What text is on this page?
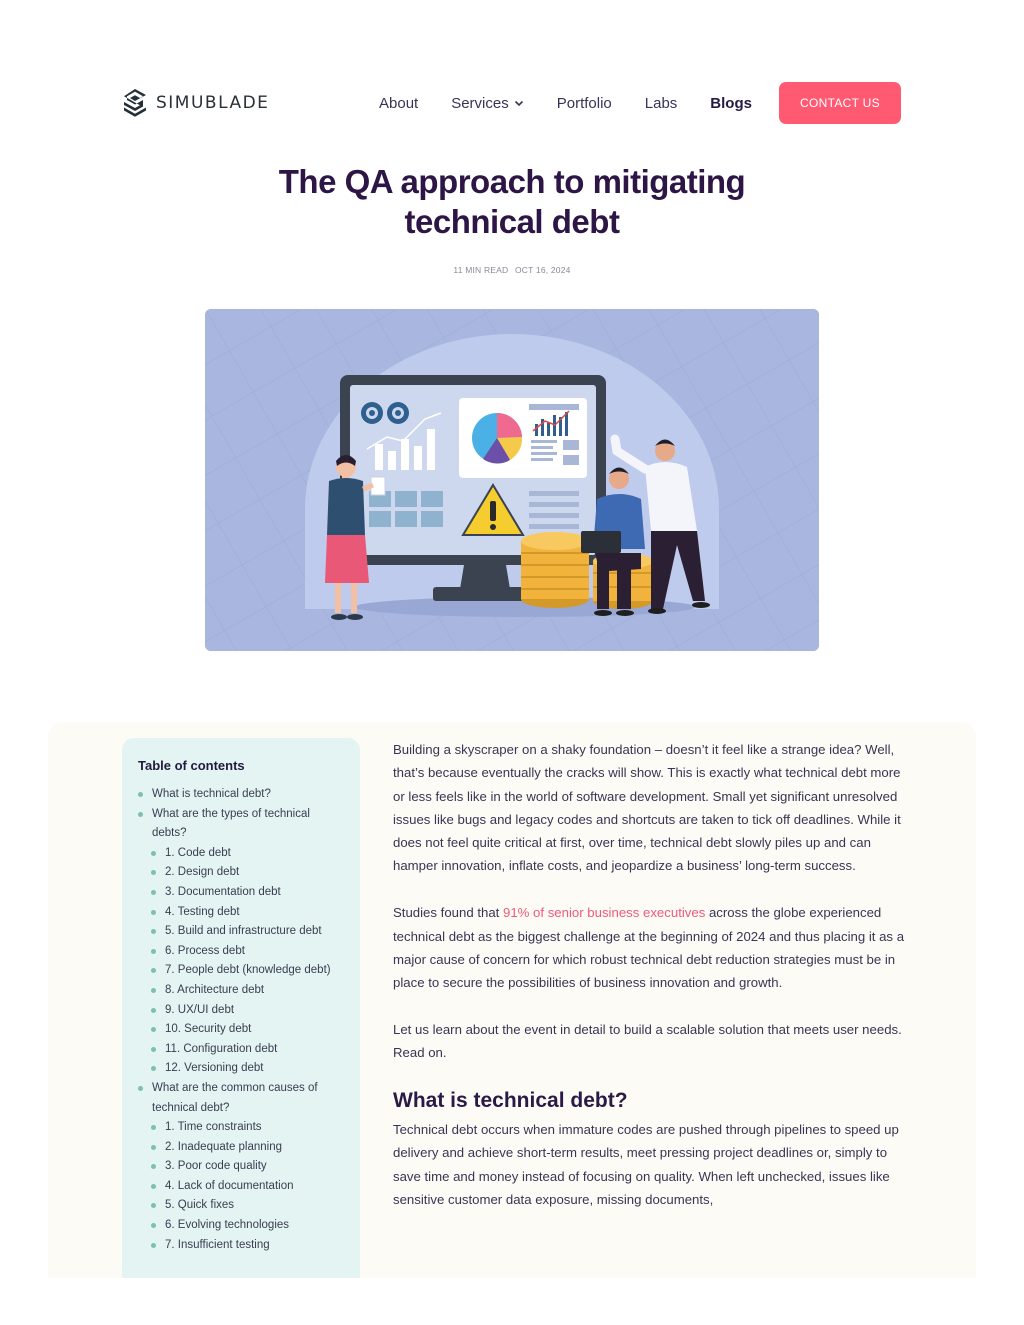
SIMUBLADE	About Services	Portfolio Labs Blogs	CONTACT US
The QA approach to mitigating
technical debt
11 MIN READ OCT 16, 2024
Table of contents
What is technical debt?
What are the types of technical debts?
1. Code debt
2. Design debt
3. Documentation debt
4. Testing debt
5. Build and infrastructure debt
6. Process debt
7. People debt (knowledge debt)
8. Architecture debt
9. UX/UI debt
10. Security debt
11. Configuration debt
12. Versioning debt
What are the common causes of technical debt?
1. Time constraints
2. Inadequate planning
3. Poor code quality
4. Lack of documentation
5. Quick fixes
6. Evolving technologies
7. Insufficient testing

Building a skyscraper on a shaky foundation – doesn’t it feel like a strange idea? Well, that’s because eventually the cracks will show. This is exactly what technical debt more or less feels like in the world of software development. Small yet significant unresolved issues like bugs and legacy codes and shortcuts are taken to tick off deadlines. While it does not feel quite critical at first, over time, technical debt slowly piles up and can hamper innovation, inflate costs, and jeopardize a business’ long-term success.

Studies found that 91% of senior business executives across the globe experienced technical debt as the biggest challenge at the beginning of 2024 and thus placing it as a major cause of concern for which robust technical debt reduction strategies must be in place to secure the possibilities of business innovation and growth.

Let us learn about the event in detail to build a scalable solution that meets user needs. Read on.

What is technical debt?

Technical debt occurs when immature codes are pushed through pipelines to speed up delivery and achieve short-term results, meet pressing project deadlines or, simply to save time and money instead of focusing on quality. When left unchecked, issues like sensitive customer data exposure, missing documents,
